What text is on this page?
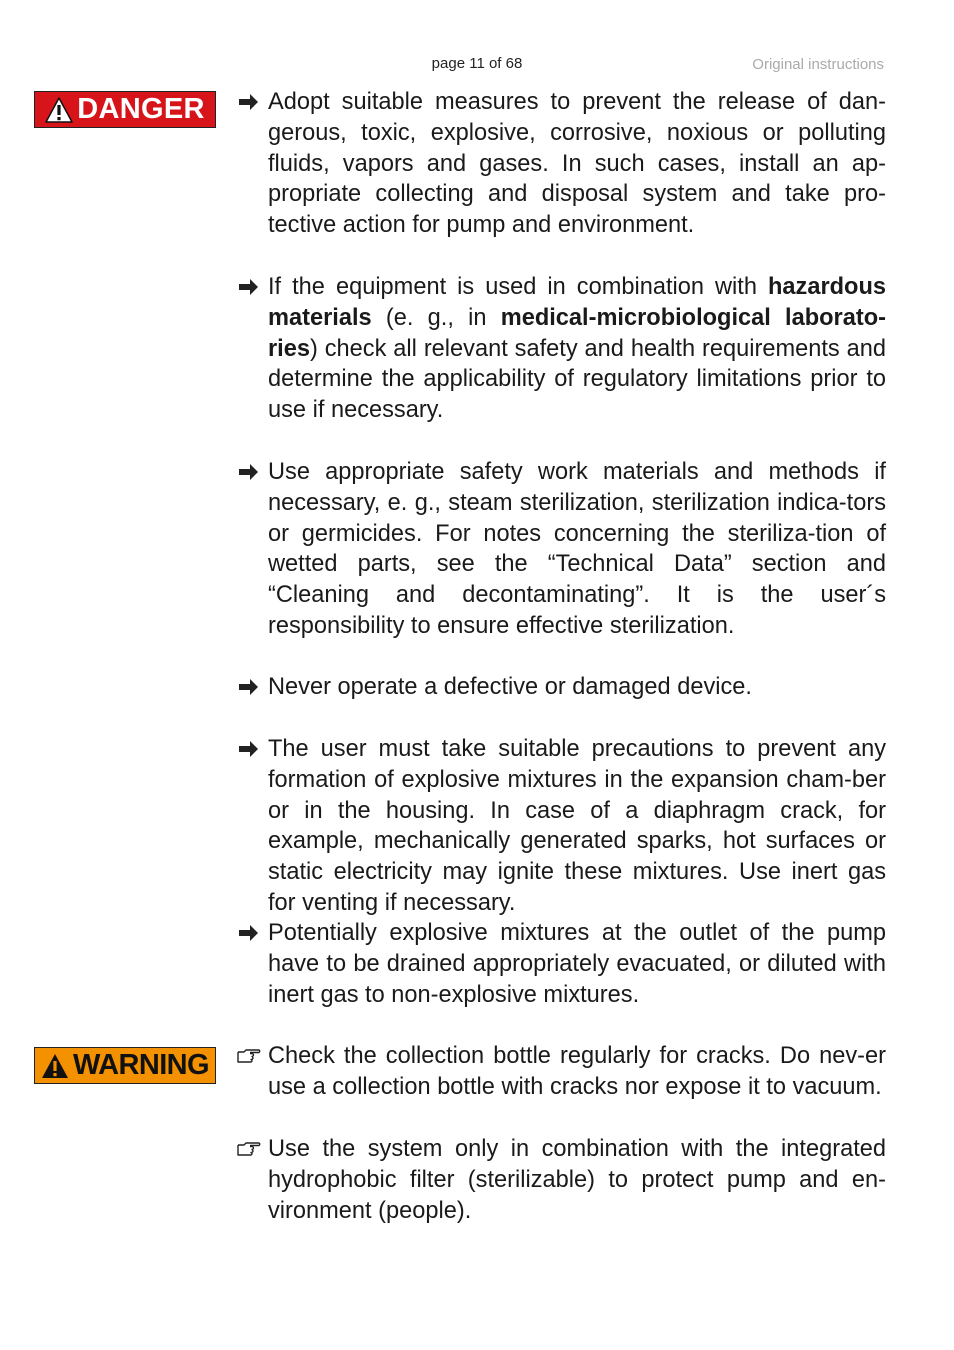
page 11 of 68	Original instructions
DANGER
WARNING
Adopt suitable measures to prevent the release of dan-gerous, toxic, explosive, corrosive, noxious or polluting fluids, vapors and gases. In such cases, install an ap-propriate collecting and disposal system and take pro-tective action for pump and environment.
If the equipment is used in combination with hazardous materials (e. g., in medical-microbiological laborato-ries) check all relevant safety and health requirements and determine the applicability of regulatory limitations prior to use if necessary.
Use appropriate safety work materials and methods if necessary, e. g., steam sterilization, sterilization indica-tors or germicides. For notes concerning the steriliza-tion of wetted parts, see the “Technical Data” section and “Cleaning and decontaminating”. It is the user´s responsibility to ensure effective sterilization.
Never operate a defective or damaged device.
The user must take suitable precautions to prevent any formation of explosive mixtures in the expansion cham-ber or in the housing. In case of a diaphragm crack, for example, mechanically generated sparks, hot surfaces or static electricity may ignite these mixtures. Use inert gas for venting if necessary.
Potentially explosive mixtures at the outlet of the pump have to be drained appropriately evacuated, or diluted with inert gas to non-explosive mixtures.
Check the collection bottle regularly for cracks. Do nev-er use a collection bottle with cracks nor expose it to vacuum.
Use the system only in combination with the integrated hydrophobic filter (sterilizable) to protect pump and en-vironment (people).
